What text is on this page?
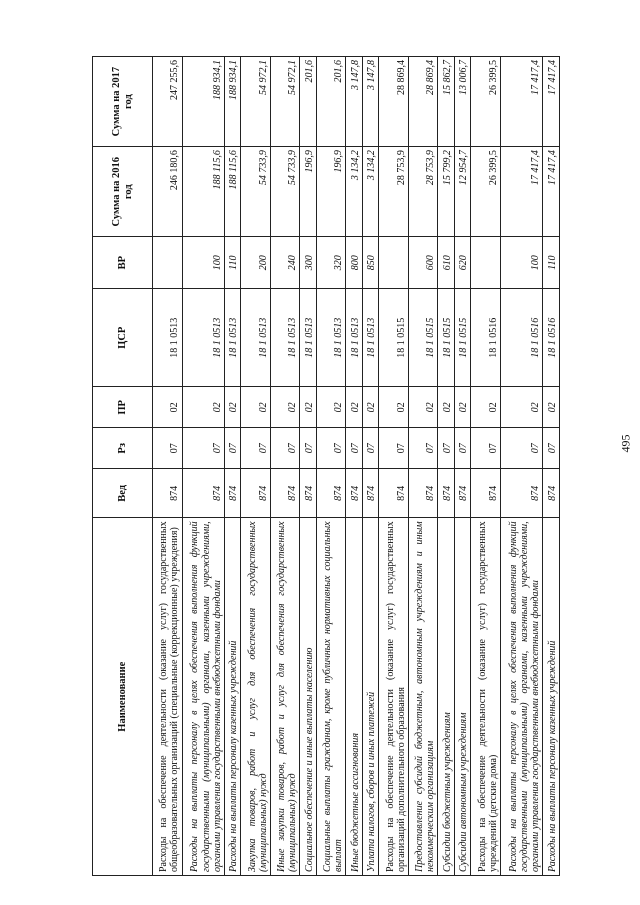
495
Наименование	Вед	Рз	ПР	ЦСР	ВР	Сумма на 2016 год	Сумма на 2017 год
Расходы на обеспечение деятельности (оказание услуг) государственных общеобразовательных организаций (специальные (коррекционные) учреждения)	874	07	02	18 1 0513		246 180,6	247 255,6
Расходы на выплаты персоналу в целях обеспечения выполнения функций государственными (муниципальными) органами, казенными учреждениями, органами управления государственными внебюджетными фондами	874	07	02	18 1 0513	100	188 115,6	188 934,1
Расходы на выплаты персоналу казенных учреждений	874	07	02	18 1 0513	110	188 115,6	188 934,1
Закупка товаров, работ и услуг для обеспечения государственных (муниципальных) нужд	874	07	02	18 1 0513	200	54 733,9	54 972,1
Иные закупки товаров, работ и услуг для обеспечения государственных (муниципальных) нужд	874	07	02	18 1 0513	240	54 733,9	54 972,1
Социальное обеспечение и иные выплаты населению	874	07	02	18 1 0513	300	196,9	201,6
Социальные выплаты гражданам, кроме публичных нормативных социальных выплат	874	07	02	18 1 0513	320	196,9	201,6
Иные бюджетные ассигнования	874	07	02	18 1 0513	800	3 134,2	3 147,8
Уплата налогов, сборов и иных платежей	874	07	02	18 1 0513	850	3 134,2	3 147,8
Расходы на обеспечение деятельности (оказание услуг) государственных организаций дополнительного образования	874	07	02	18 1 0515		28 753,9	28 869,4
Предоставление субсидий бюджетным, автономным учреждениям и иным некоммерческим организациям	874	07	02	18 1 0515	600	28 753,9	28 869,4
Субсидии бюджетным учреждениям	874	07	02	18 1 0515	610	15 799,2	15 862,7
Субсидии автономным учреждениям	874	07	02	18 1 0515	620	12 954,7	13 006,7
Расходы на обеспечение деятельности (оказание услуг) государственных учреждений (детские дома)	874	07	02	18 1 0516		26 399,5	26 399,5
Расходы на выплаты персоналу в целях обеспечения выполнения функций государственными (муниципальными) органами, казенными учреждениями, органами управления государственными внебюджетными фондами	874	07	02	18 1 0516	100	17 417,4	17 417,4
Расходы на выплаты персоналу казенных учреждений	874	07	02	18 1 0516	110	17 417,4	17 417,4
